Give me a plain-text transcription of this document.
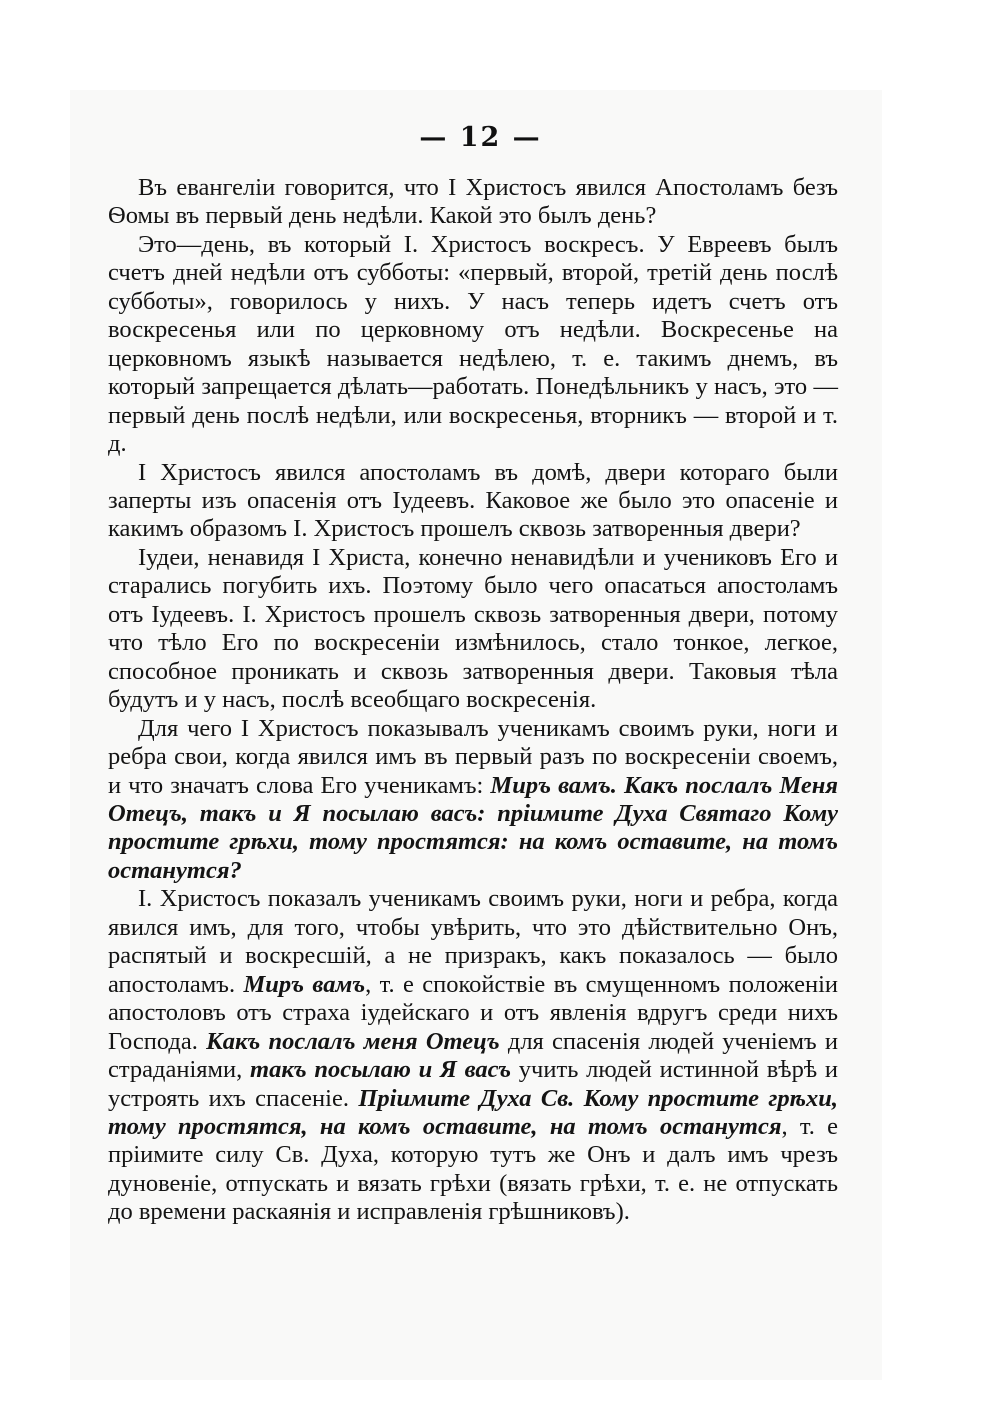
— 12 —

Въ евангеліи говорится, что І Христосъ явился Апостоламъ безъ Ѳомы въ первый день недѣли. Какой это былъ день?

Это—день, въ который І. Христосъ воскресъ. У Евреевъ былъ счетъ дней недѣли отъ субботы: «первый, второй, третій день послѣ субботы», говорилось у нихъ. У насъ теперь идетъ счетъ отъ воскресенья или по церковному отъ недѣли. Воскресенье на церковномъ языкѣ называется недѣлею, т. е. такимъ днемъ, въ который запрещается дѣлать—работать. Понедѣльникъ у насъ, это — первый день послѣ недѣли, или воскресенья, вторникъ — второй и т. д.

І Христосъ явился апостоламъ въ домѣ, двери котораго были заперты изъ опасенія отъ Іудеевъ. Каковое же было это опасеніе и какимъ образомъ І. Христосъ прошелъ сквозь затворенныя двери?

Іудеи, ненавидя І Христа, конечно ненавидѣли и учениковъ Его и старались погубить ихъ. Поэтому было чего опасаться апостоламъ отъ Іудеевъ. І. Христосъ прошелъ сквозь затворенныя двери, потому что тѣло Его по воскресеніи измѣнилось, стало тонкое, легкое, способное проникать и сквозь затворенныя двери. Таковыя тѣла будутъ и у насъ, послѣ всеобщаго воскресенія.

Для чего І Христосъ показывалъ ученикамъ своимъ руки, ноги и ребра свои, когда явился имъ въ первый разъ по воскресеніи своемъ, и что значатъ слова Его ученикамъ: Миръ вамъ. Какъ послалъ Меня Отецъ, такъ и Я посылаю васъ: пріимите Духа Святаго Кому простите грѣхи, тому простятся: на комъ оставите, на томъ останутся?

І. Христосъ показалъ ученикамъ своимъ руки, ноги и ребра, когда явился имъ, для того, чтобы увѣрить, что это дѣйствительно Онъ, распятый и воскресшій, а не призракъ, какъ показалось — было апостоламъ. Миръ вамъ, т. е спокойствіе въ смущенномъ положеніи апостоловъ отъ страха іудейскаго и отъ явленія вдругъ среди нихъ Господа. Какъ послалъ меня Отецъ для спасенія людей ученіемъ и страданіями, такъ посылаю и Я васъ учить людей истинной вѣрѣ и устроять ихъ спасеніе. Пріимите Духа Св. Кому простите грѣхи, тому простятся, на комъ оставите, на томъ останутся, т. е пріимите силу Св. Духа, которую тутъ же Онъ и далъ имъ чрезъ дуновеніе, отпускать и вязать грѣхи (вязать грѣхи, т. е. не отпускать до времени раскаянія и исправленія грѣшниковъ).
